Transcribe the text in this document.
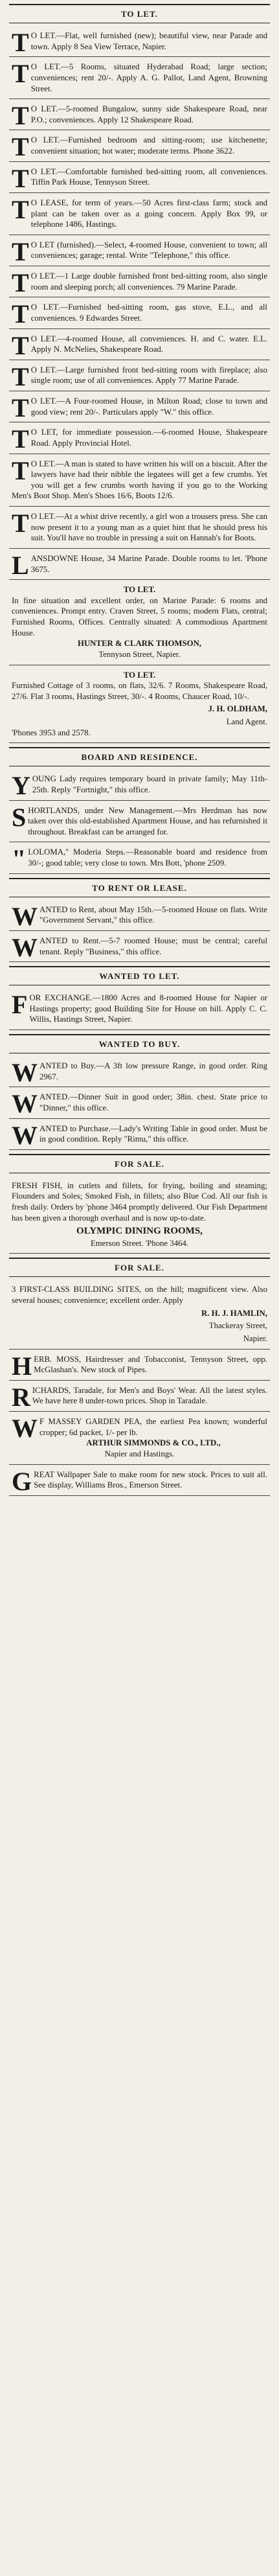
TO LET.
T O LET.—Flat, well furnished (new); beautiful view, near Parade and town. Apply 8 Sea View Terrace, Napier.

T O LET.—5 Rooms, situated Hyderabad Road; large section; conveniences; rent 20/-. Apply A. G. Pallot, Land Agent, Browning Street.

T O LET.—5-roomed Bungalow, sunny side Shakespeare Road, near P.O.; conveniences. Apply 12 Shakespeare Road.

T O LET.—Furnished bedroom and sitting-room; use kitchenette; convenient situation; hot water; moderate terms. Phone 3622.

T O LET.—Comfortable furnished bed-sitting room, all conveniences. Tiffin Park House, Tennyson Street.

T O LEASE, for term of years.—50 Acres first-class farm; stock and plant can be taken over as a going concern. Apply Box 99, or telephone 1486, Hastings.

T O LET (furnished).—Select, 4-roomed House, convenient to town; all conveniences; garage; rental. Write "Telephone," this office.

T O LET.—1 Large double furnished front bed-sitting room, also single room and sleeping porch; all conveniences. 79 Marine Parade.

T O LET.—Furnished bed-sitting room, gas stove, E.L., and all conveniences. 9 Edwardes Street.

T O LET.—4-roomed House, all conveniences. H. and C. water. E.L. Apply N. McNelies, Shakespeare Road.

T O LET.—Large furnished front bed-sitting room with fireplace; also single room; use of all conveniences. Apply 77 Marine Parade.

T O LET.—A Four-roomed House, in Milton Road; close to town and good view; rent 20/-. Particulars apply "W." this office.

T O LET, for immediate possession.—6-roomed House, Shakespeare Road. Apply Provincial Hotel.

T O LET.—A man is stated to have written his will on a biscuit. After the lawyers have had their nibble the legatees will get a few crumbs. Yet you will get a few crumbs worth having if you go to the Working Men's Boot Shop. Men's Shoes 16/6, Boots 12/6.

T O LET.—At a whist drive recently, a girl won a trousers press. She can now present it to a young man as a quiet hint that he should press his suit. You'll have no trouble in pressing a suit on Hannah's for Boots.

L ANSDOWNE House, 34 Marine Parade. Double rooms to let. 'Phone 3675.

TO LET.

In fine situation and excellent order, on Marine Parade: 6 rooms and conveniences. Prompt entry. Craven Street, 5 rooms; modern Flats, central; Furnished Rooms, Offices. Centrally situated: A commodious Apartment House.

HUNTER & CLARK THOMSON,
Tennyson Street, Napier.
TO LET.

Furnished Cottage of 3 rooms, on flats, 32/6. 7 Rooms, Shakespeare Road, 27/6. Flat 3 rooms, Hastings Street, 30/-. 4 Rooms, Chaucer Road, 10/-.

J. H. OLDHAM,
Land Agent.
'Phones 3953 and 2578.
BOARD AND RESIDENCE.
Y OUNG Lady requires temporary board in private family; May 11th-25th. Reply "Fortnight," this office.

S HORTLANDS, under New Management.—Mrs Herdman has now taken over this old-established Apartment House, and has refurnished it throughout. Breakfast can be arranged for.

" LOLOMA," Moderia Steps.—Reasonable board and residence from 30/-; good table; very close to town. Mrs Bott, 'phone 2509.

TO RENT OR LEASE.
W ANTED to Rent, about May 15th.—5-roomed House on flats. Write "Government Servant," this office.

W ANTED to Rent.—5-7 roomed House; must be central; careful tenant. Reply "Business," this office.

WANTED TO LET.
F OR EXCHANGE.—1800 Acres and 8-roomed House for Napier or Hastings property; good Building Site for House on hill. Apply C. C. Willis, Hastings Street, Napier.

WANTED TO BUY.
W ANTED to Buy.—A 3ft low pressure Range, in good order. Ring 2967.

W ANTED.—Dinner Suit in good order; 38in. chest. State price to "Dinner," this office.

W ANTED to Purchase.—Lady's Writing Table in good order. Must be in good condition. Reply "Rimu," this office.

FOR SALE.

FRESH FISH, in cutlets and fillets, for frying, boiling and steaming; Flounders and Soles; Smoked Fish, in fillets; also Blue Cod. All our fish is fresh daily. Orders by 'phone 3464 promptly delivered. Our Fish Department has been given a thorough overhaul and is now up-to-date.

OLYMPIC DINING ROOMS,
Emerson Street. 'Phone 3464.
FOR SALE.

3 FIRST-CLASS BUILDING SITES, on the hill; magnificent view. Also several houses; convenience; excellent order. Apply

R. H. J. HAMLIN,
Thackeray Street,
Napier.
H ERB. MOSS, Hairdresser and Tobacconist, Tennyson Street, opp. McGlashan's. New stock of Pipes.

R ICHARDS, Taradale, for Men's and Boys' Wear. All the latest styles. We have here 8 under-town prices. Shop in Taradale.

W F MASSEY GARDEN PEA, the earliest Pea known; wonderful cropper; 6d packet, 1/- per lb.

ARTHUR SIMMONDS & CO., LTD.,
Napier and Hastings.
G REAT Wallpaper Sale to make room for new stock. Prices to suit all. See display, Williams Bros., Emerson Street.
